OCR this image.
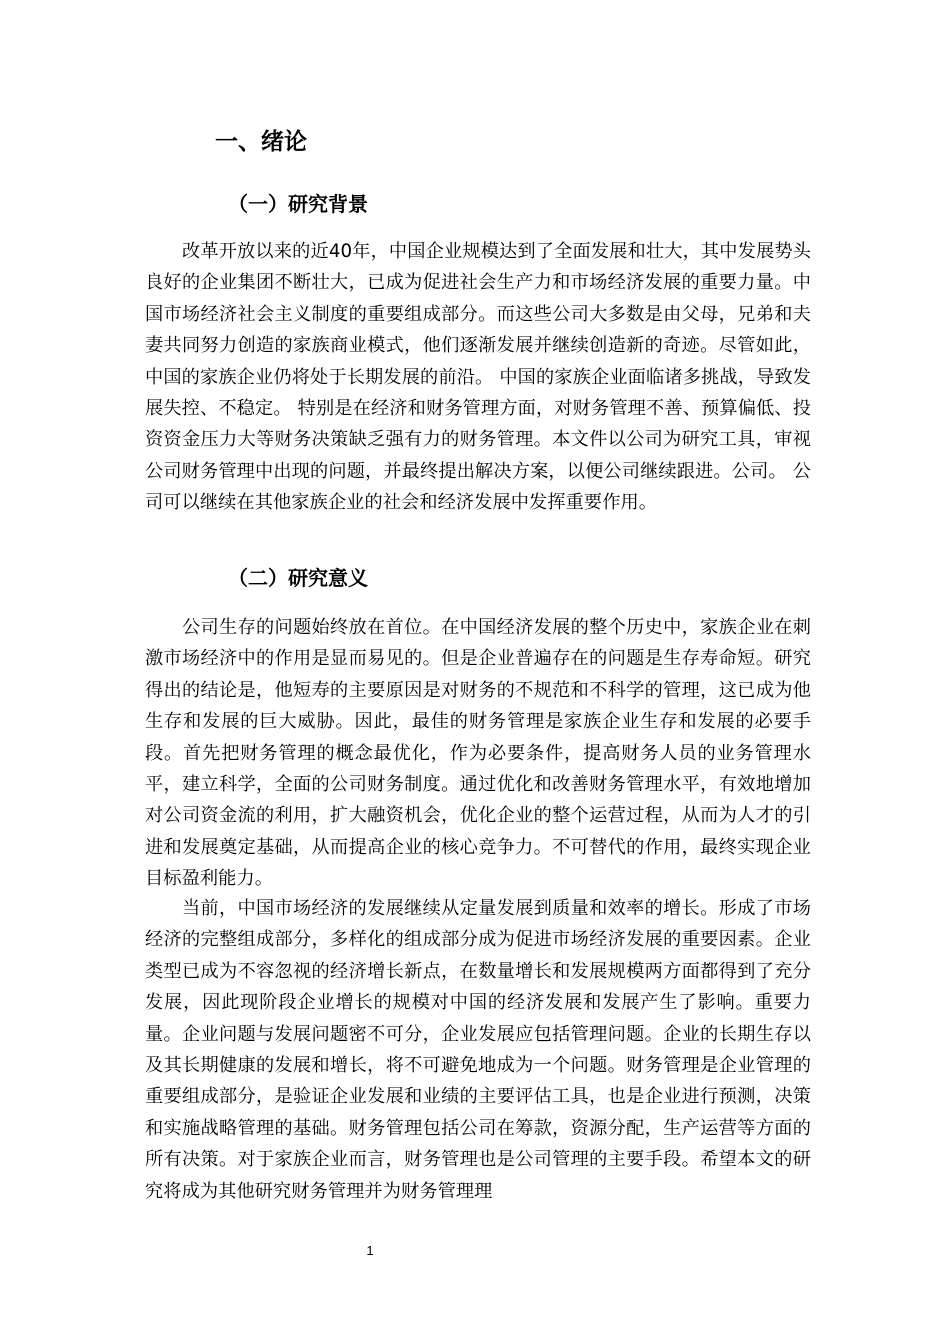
一、绪论
（一）研究背景

改革开放以来的近40年，中国企业规模达到了全面发展和壮大，其中发展势头良好的企业集团不断壮大，已成为促进社会生产力和市场经济发展的重要力量。中国市场经济社会主义制度的重要组成部分。而这些公司大多数是由父母，兄弟和夫妻共同努力创造的家族商业模式，他们逐渐发展并继续创造新的奇迹。尽管如此，中国的家族企业仍将处于长期发展的前沿。 中国的家族企业面临诸多挑战，导致发展失控、不稳定。 特别是在经济和财务管理方面，对财务管理不善、预算偏低、投资资金压力大等财务决策缺乏强有力的财务管理。本文件以公司为研究工具，审视公司财务管理中出现的问题，并最终提出解决方案，以便公司继续跟进。公司。 公司可以继续在其他家族企业的社会和经济发展中发挥重要作用。

（二）研究意义

公司生存的问题始终放在首位。在中国经济发展的整个历史中，家族企业在刺激市场经济中的作用是显而易见的。但是企业普遍存在的问题是生存寿命短。研究得出的结论是，他短寿的主要原因是对财务的不规范和不科学的管理，这已成为他生存和发展的巨大威胁。因此，最佳的财务管理是家族企业生存和发展的必要手段。首先把财务管理的概念最优化，作为必要条件，提高财务人员的业务管理水平，建立科学，全面的公司财务制度。通过优化和改善财务管理水平，有效地增加对公司资金流的利用，扩大融资机会，优化企业的整个运营过程，从而为人才的引进和发展奠定基础，从而提高企业的核心竞争力。不可替代的作用，最终实现企业目标盈利能力。

当前，中国市场经济的发展继续从定量发展到质量和效率的增长。形成了市场经济的完整组成部分，多样化的组成部分成为促进市场经济发展的重要因素。企业类型已成为不容忽视的经济增长新点，在数量增长和发展规模两方面都得到了充分发展，因此现阶段企业增长的规模对中国的经济发展和发展产生了影响。重要力量。企业问题与发展问题密不可分，企业发展应包括管理问题。企业的长期生存以及其长期健康的发展和增长，将不可避免地成为一个问题。财务管理是企业管理的重要组成部分，是验证企业发展和业绩的主要评估工具，也是企业进行预测，决策和实施战略管理的基础。财务管理包括公司在筹款，资源分配，生产运营等方面的所有决策。对于家族企业而言，财务管理也是公司管理的主要手段。希望本文的研究将成为其他研究财务管理并为财务管理理

1
